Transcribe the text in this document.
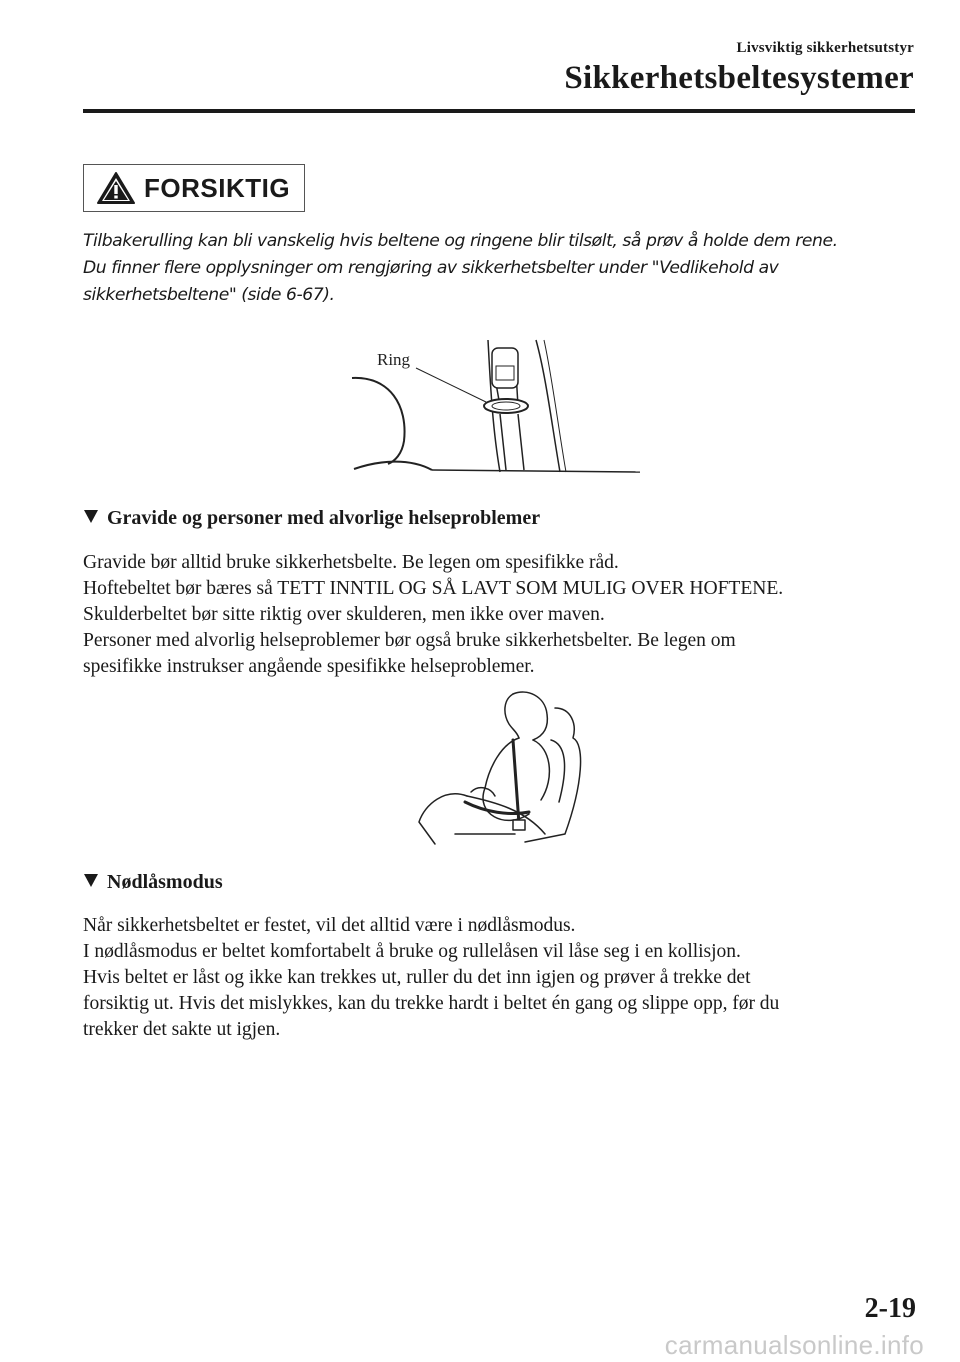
Livsviktig sikkerhetsutstyr

Sikkerhetsbeltesystemer
FORSIKTIG

Tilbakerulling kan bli vanskelig hvis beltene og ringene blir tilsølt, så prøv å holde dem rene.

Du finner flere opplysninger om rengjøring av sikkerhetsbelter under "Vedlikehold av

sikkerhetsbeltene" (side 6-67).

Ring
Gravide og personer med alvorlige helseproblemer

Gravide bør alltid bruke sikkerhetsbelte. Be legen om spesifikke råd.

Hoftebeltet bør bæres så TETT INNTIL OG SÅ LAVT SOM MULIG OVER HOFTENE.

Skulderbeltet bør sitte riktig over skulderen, men ikke over maven.

Personer med alvorlig helseproblemer bør også bruke sikkerhetsbelter. Be legen om

spesifikke instrukser angående spesifikke helseproblemer.

Nødlåsmodus

Når sikkerhetsbeltet er festet, vil det alltid være i nødlåsmodus.

I nødlåsmodus er beltet komfortabelt å bruke og rullelåsen vil låse seg i en kollisjon.

Hvis beltet er låst og ikke kan trekkes ut, ruller du det inn igjen og prøver å trekke det

forsiktig ut. Hvis det mislykkes, kan du trekke hardt i beltet én gang og slippe opp, før du

trekker det sakte ut igjen.

2-19

carmanualsonline.info
